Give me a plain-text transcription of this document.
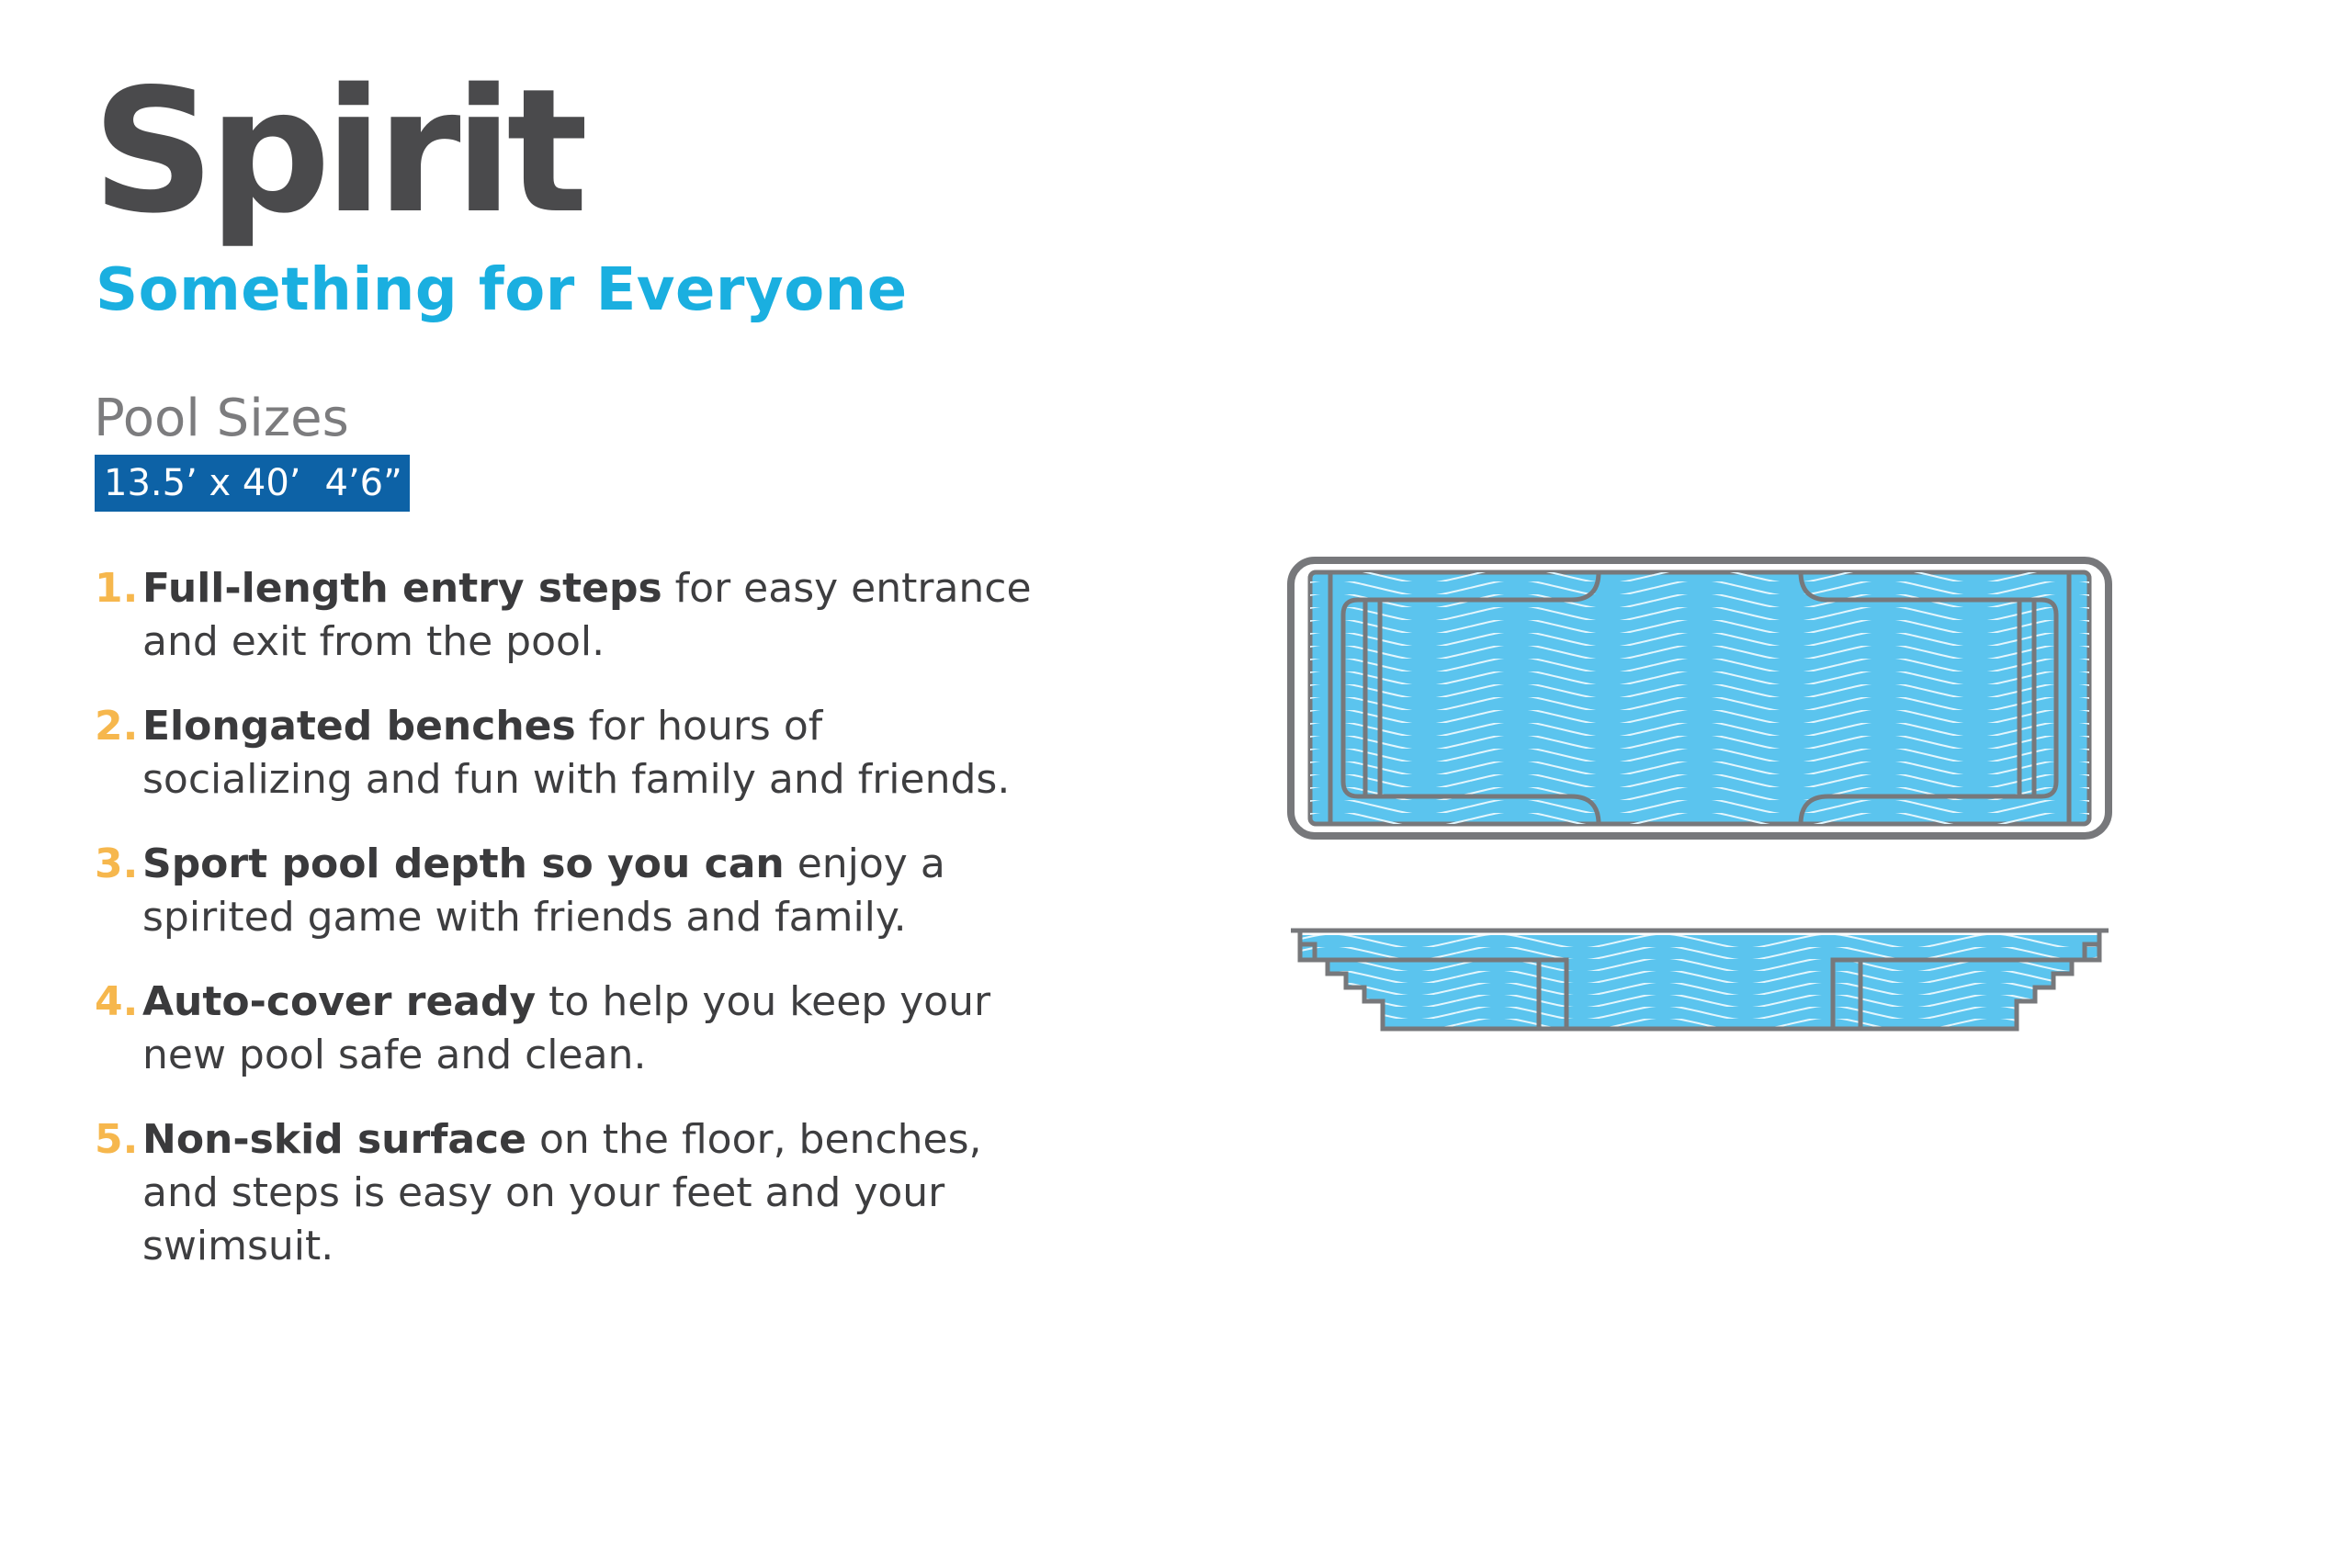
Spirit
Something for Everyone
Pool Sizes
13.5’ x 40’ 4’6”
1. Full-length entry steps for easy entrance and exit from the pool.
2. Elongated benches for hours of socializing and fun with family and friends.
3. Sport pool depth so you can enjoy a spirited game with friends and family.
4. Auto-cover ready to help you keep your new pool safe and clean.
5. Non-skid surface on the floor, benches, and steps is easy on your feet and your swimsuit.
